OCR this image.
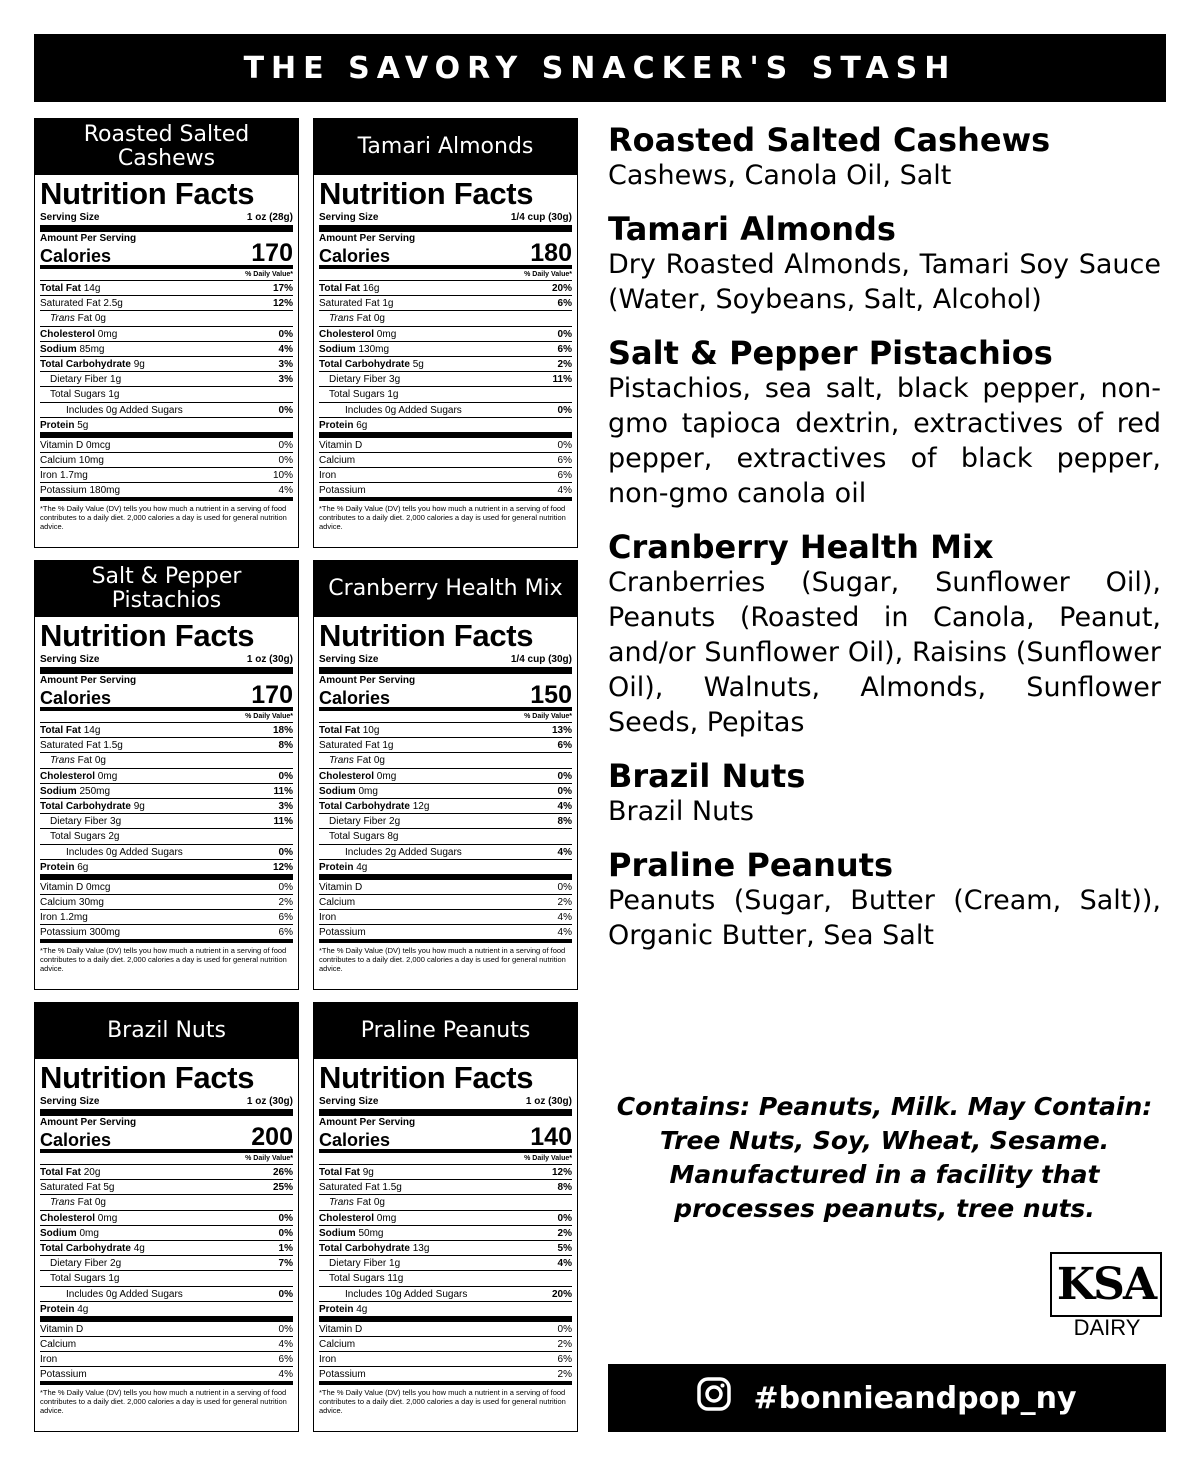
THE SAVORY SNACKER'S STASH
Roasted Salted Cashews
Nutrition Facts
Serving Size	1 oz (28g)
Amount Per Serving
Calories	170
% Daily Value*
Total Fat 14g	17%
Saturated Fat 2.5g	12%
Trans Fat 0g
Cholesterol 0mg	0%
Sodium 85mg	4%
Total Carbohydrate 9g	3%
Dietary Fiber 1g	3%
Total Sugars 1g
Includes 0g Added Sugars	0%
Protein 5g
Vitamin D 0mcg	0%
Calcium 10mg	0%
Iron 1.7mg	10%
Potassium 180mg	4%
*The % Daily Value (DV) tells you how much a nutrient in a serving of food contributes to a daily diet. 2,000 calories a day is used for general nutrition advice.
Tamari Almonds
Nutrition Facts
Serving Size	1/4 cup (30g)
Amount Per Serving
Calories	180
% Daily Value*
Total Fat 16g	20%
Saturated Fat 1g	6%
Trans Fat 0g
Cholesterol 0mg	0%
Sodium 130mg	6%
Total Carbohydrate 5g	2%
Dietary Fiber 3g	11%
Total Sugars 1g
Includes 0g Added Sugars	0%
Protein 6g
Vitamin D	0%
Calcium	6%
Iron	6%
Potassium	4%
*The % Daily Value (DV) tells you how much a nutrient in a serving of food contributes to a daily diet. 2,000 calories a day is used for general nutrition advice.
Salt & Pepper Pistachios
Nutrition Facts
Serving Size	1 oz (30g)
Amount Per Serving
Calories	170
% Daily Value*
Total Fat 14g	18%
Saturated Fat 1.5g	8%
Trans Fat 0g
Cholesterol 0mg	0%
Sodium 250mg	11%
Total Carbohydrate 9g	3%
Dietary Fiber 3g	11%
Total Sugars 2g
Includes 0g Added Sugars	0%
Protein 6g	12%
Vitamin D 0mcg	0%
Calcium 30mg	2%
Iron 1.2mg	6%
Potassium 300mg	6%
*The % Daily Value (DV) tells you how much a nutrient in a serving of food contributes to a daily diet. 2,000 calories a day is used for general nutrition advice.
Cranberry Health Mix
Nutrition Facts
Serving Size	1/4 cup (30g)
Amount Per Serving
Calories	150
% Daily Value*
Total Fat 10g	13%
Saturated Fat 1g	6%
Trans Fat 0g
Cholesterol 0mg	0%
Sodium 0mg	0%
Total Carbohydrate 12g	4%
Dietary Fiber 2g	8%
Total Sugars 8g
Includes 2g Added Sugars	4%
Protein 4g
Vitamin D	0%
Calcium	2%
Iron	4%
Potassium	4%
*The % Daily Value (DV) tells you how much a nutrient in a serving of food contributes to a daily diet. 2,000 calories a day is used for general nutrition advice.
Brazil Nuts
Nutrition Facts
Serving Size	1 oz (30g)
Amount Per Serving
Calories	200
% Daily Value*
Total Fat 20g	26%
Saturated Fat 5g	25%
Trans Fat 0g
Cholesterol 0mg	0%
Sodium 0mg	0%
Total Carbohydrate 4g	1%
Dietary Fiber 2g	7%
Total Sugars 1g
Includes 0g Added Sugars	0%
Protein 4g
Vitamin D	0%
Calcium	4%
Iron	6%
Potassium	4%
*The % Daily Value (DV) tells you how much a nutrient in a serving of food contributes to a daily diet. 2,000 calories a day is used for general nutrition advice.
Praline Peanuts
Nutrition Facts
Serving Size	1 oz (30g)
Amount Per Serving
Calories	140
% Daily Value*
Total Fat 9g	12%
Saturated Fat 1.5g	8%
Trans Fat 0g
Cholesterol 0mg	0%
Sodium 50mg	2%
Total Carbohydrate 13g	5%
Dietary Fiber 1g	4%
Total Sugars 11g
Includes 10g Added Sugars	20%
Protein 4g
Vitamin D	0%
Calcium	2%
Iron	6%
Potassium	2%
*The % Daily Value (DV) tells you how much a nutrient in a serving of food contributes to a daily diet. 2,000 calories a day is used for general nutrition advice.
Roasted Salted Cashews
Cashews, Canola Oil, Salt
Tamari Almonds
Dry Roasted Almonds, Tamari Soy Sauce (Water, Soybeans, Salt, Alcohol)
Salt & Pepper Pistachios
Pistachios, sea salt, black pepper, non-gmo tapioca dextrin, extractives of red pepper, extractives of black pepper, non-gmo canola oil
Cranberry Health Mix
Cranberries (Sugar, Sunflower Oil), Peanuts (Roasted in Canola, Peanut, and/or Sunflower Oil), Raisins (Sunflower Oil), Walnuts, Almonds, Sunflower Seeds, Pepitas
Brazil Nuts
Brazil Nuts
Praline Peanuts
Peanuts (Sugar, Butter (Cream, Salt)), Organic Butter, Sea Salt
Contains: Peanuts, Milk. May Contain: Tree Nuts, Soy, Wheat, Sesame. Manufactured in a facility that processes peanuts, tree nuts.
KSA
DAIRY
#bonnieandpop_ny
